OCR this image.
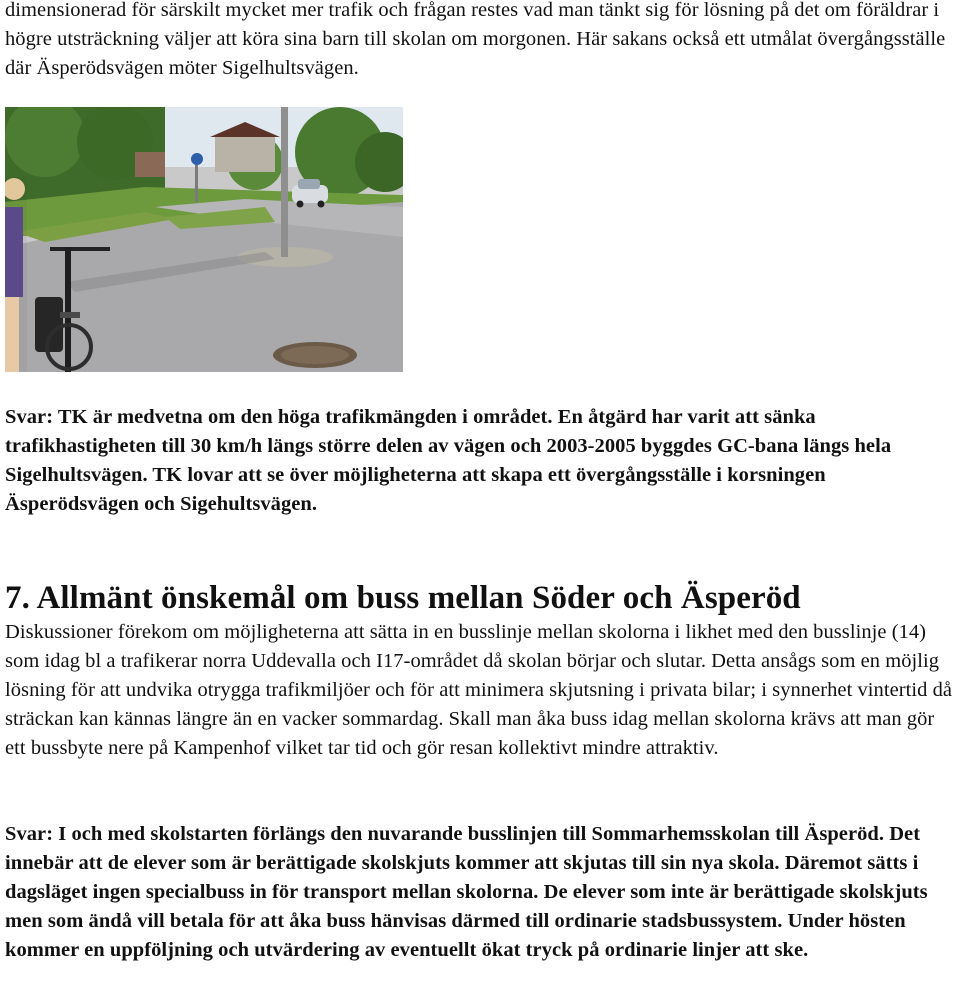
dimensionerad för särskilt mycket mer trafik och frågan restes vad man tänkt sig för lösning på det om föräldrar i högre utsträckning väljer att köra sina barn till skolan om morgonen. Här sakans också ett utmålat övergångsställe där Äsperödsvägen möter Sigelhultsvägen.

Svar: TK är medvetna om den höga trafikmängden i området. En åtgärd har varit att sänka trafikhastigheten till 30 km/h längs större delen av vägen och 2003-2005 byggdes GC-bana längs hela Sigelhultsvägen. TK lovar att se över möjligheterna att skapa ett övergångsställe i korsningen Äsperödsvägen och Sigehultsvägen.

7. Allmänt önskemål om buss mellan Söder och Äsperöd

Diskussioner förekom om möjligheterna att sätta in en busslinje mellan skolorna i likhet med den busslinje (14) som idag bl a trafikerar norra Uddevalla och I17-området då skolan börjar och slutar. Detta ansågs som en möjlig lösning för att undvika otrygga trafikmiljöer och för att minimera skjutsning i privata bilar; i synnerhet vintertid då sträckan kan kännas längre än en vacker sommardag. Skall man åka buss idag mellan skolorna krävs att man gör ett bussbyte nere på Kampenhof vilket tar tid och gör resan kollektivt mindre attraktiv.

Svar: I och med skolstarten förlängs den nuvarande busslinjen till Sommarhemsskolan till Äsperöd. Det innebär att de elever som är berättigade skolskjuts kommer att skjutas till sin nya skola. Däremot sätts i dagsläget ingen specialbuss in för transport mellan skolorna. De elever som inte är berättigade skolskjuts men som ändå vill betala för att åka buss hänvisas därmed till ordinarie stadsbussystem. Under hösten kommer en uppföljning och utvärdering av eventuellt ökat tryck på ordinarie linjer att ske.
